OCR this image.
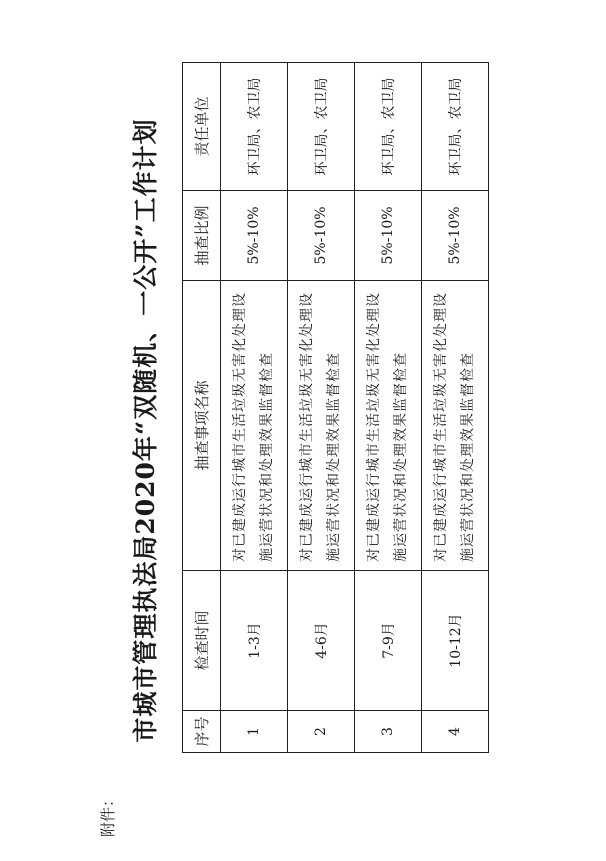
附件：
市城市管理执法局2020年“双随机、一公开”工作计划 序号	检查时间	抽查事项名称	抽查比例	责任单位
1	1-3月	对已建成运行城市生活垃圾无害化处理设施运营状况和处理效果监督检查	5%-10%	环卫局、农卫局
2	4-6月	对已建成运行城市生活垃圾无害化处理设施运营状况和处理效果监督检查	5%-10%	环卫局、农卫局
3	7-9月	对已建成运行城市生活垃圾无害化处理设施运营状况和处理效果监督检查	5%-10%	环卫局、农卫局
4	10-12月	对已建成运行城市生活垃圾无害化处理设施运营状况和处理效果监督检查	5%-10%	环卫局、农卫局
